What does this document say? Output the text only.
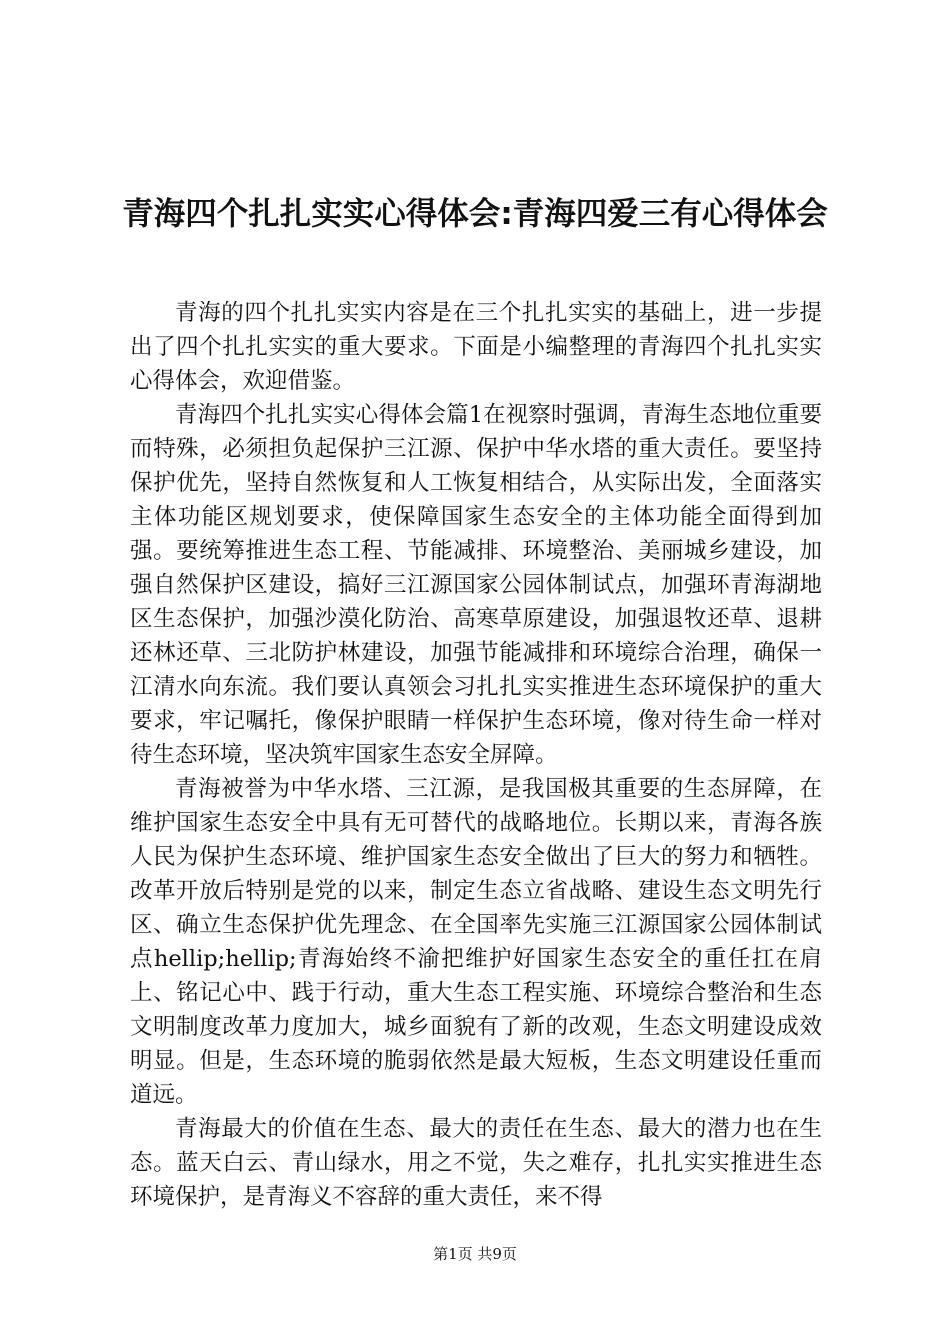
青海四个扎扎实实心得体会:青海四爱三有心得体会

青海的四个扎扎实实内容是在三个扎扎实实的基础上，进一步提出了四个扎扎实实的重大要求。下面是小编整理的青海四个扎扎实实心得体会，欢迎借鉴。

青海四个扎扎实实心得体会篇1在视察时强调，青海生态地位重要而特殊，必须担负起保护三江源、保护中华水塔的重大责任。要坚持保护优先，坚持自然恢复和人工恢复相结合，从实际出发，全面落实主体功能区规划要求，使保障国家生态安全的主体功能全面得到加强。要统筹推进生态工程、节能减排、环境整治、美丽城乡建设，加强自然保护区建设，搞好三江源国家公园体制试点，加强环青海湖地区生态保护，加强沙漠化防治、高寒草原建设，加强退牧还草、退耕还林还草、三北防护林建设，加强节能减排和环境综合治理，确保一江清水向东流。我们要认真领会习扎扎实实推进生态环境保护的重大要求，牢记嘱托，像保护眼睛一样保护生态环境，像对待生命一样对待生态环境，坚决筑牢国家生态安全屏障。

青海被誉为中华水塔、三江源，是我国极其重要的生态屏障，在维护国家生态安全中具有无可替代的战略地位。长期以来，青海各族人民为保护生态环境、维护国家生态安全做出了巨大的努力和牺牲。改革开放后特别是党的以来，制定生态立省战略、建设生态文明先行区、确立生态保护优先理念、在全国率先实施三江源国家公园体制试点hellip;hellip;青海始终不渝把维护好国家生态安全的重任扛在肩上、铭记心中、践于行动，重大生态工程实施、环境综合整治和生态文明制度改革力度加大，城乡面貌有了新的改观，生态文明建设成效明显。但是，生态环境的脆弱依然是最大短板，生态文明建设任重而道远。

青海最大的价值在生态、最大的责任在生态、最大的潜力也在生态。蓝天白云、青山绿水，用之不觉，失之难存，扎扎实实推进生态环境保护，是青海义不容辞的重大责任，来不得

第1页 共9页
